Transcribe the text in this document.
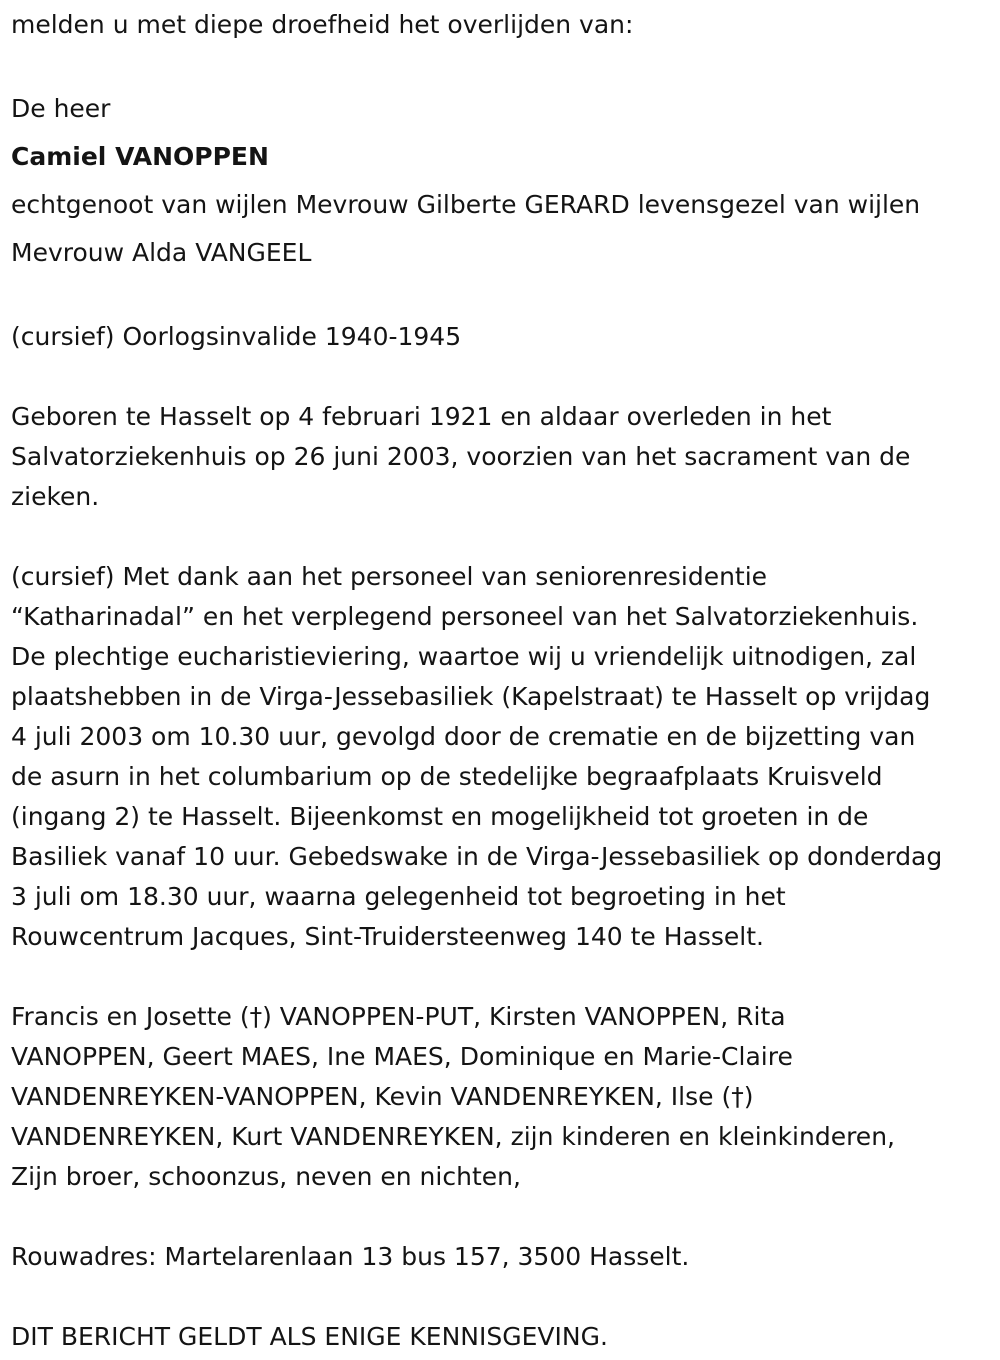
melden u met diepe droefheid het overlijden van:

De heer

Camiel VANOPPEN

echtgenoot van wijlen Mevrouw Gilberte GERARD levensgezel van wijlen

Mevrouw Alda VANGEEL

(cursief) Oorlogsinvalide 1940-1945

Geboren te Hasselt op 4 februari 1921 en aldaar overleden in het

Salvatorziekenhuis op 26 juni 2003, voorzien van het sacrament van de

zieken.

(cursief) Met dank aan het personeel van seniorenresidentie

“Katharinadal” en het verplegend personeel van het Salvatorziekenhuis.

De plechtige eucharistieviering, waartoe wij u vriendelijk uitnodigen, zal

plaatshebben in de Virga-Jessebasiliek (Kapelstraat) te Hasselt op vrijdag

4 juli 2003 om 10.30 uur, gevolgd door de crematie en de bijzetting van

de asurn in het columbarium op de stedelijke begraafplaats Kruisveld

(ingang 2) te Hasselt. Bijeenkomst en mogelijkheid tot groeten in de

Basiliek vanaf 10 uur. Gebedswake in de Virga-Jessebasiliek op donderdag

3 juli om 18.30 uur, waarna gelegenheid tot begroeting in het

Rouwcentrum Jacques, Sint-Truidersteenweg 140 te Hasselt.

Francis en Josette (†) VANOPPEN-PUT, Kirsten VANOPPEN, Rita

VANOPPEN, Geert MAES, Ine MAES, Dominique en Marie-Claire

VANDENREYKEN-VANOPPEN, Kevin VANDENREYKEN, Ilse (†)

VANDENREYKEN, Kurt VANDENREYKEN, zijn kinderen en kleinkinderen,

Zijn broer, schoonzus, neven en nichten,

Rouwadres: Martelarenlaan 13 bus 157, 3500 Hasselt.

DIT BERICHT GELDT ALS ENIGE KENNISGEVING.
